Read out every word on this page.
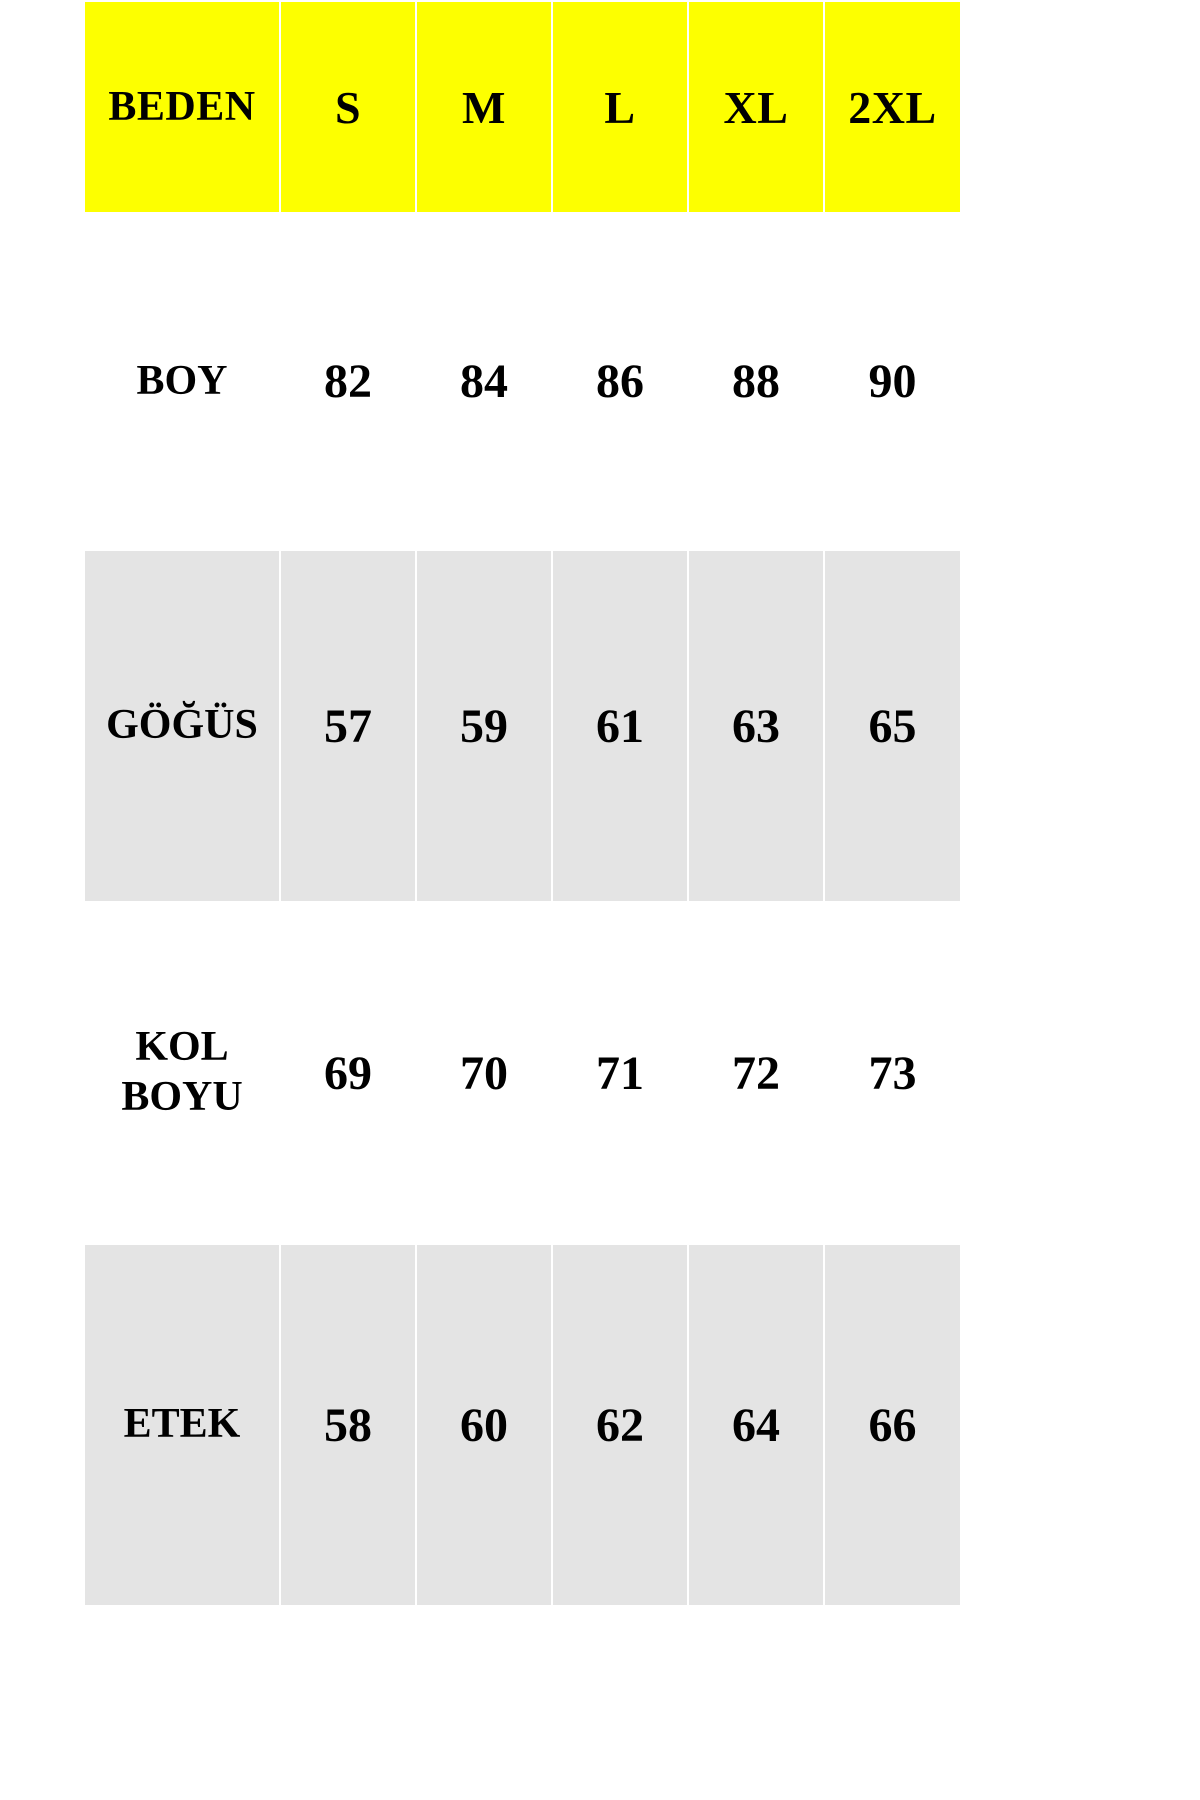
BEDEN	S	M	L	XL	2XL
BOY	82	84	86	88	90
GÖĞÜS	57	59	61	63	65

KOL
BOYU	69	70	71	72	73
ETEK	58	60	62	64	66
